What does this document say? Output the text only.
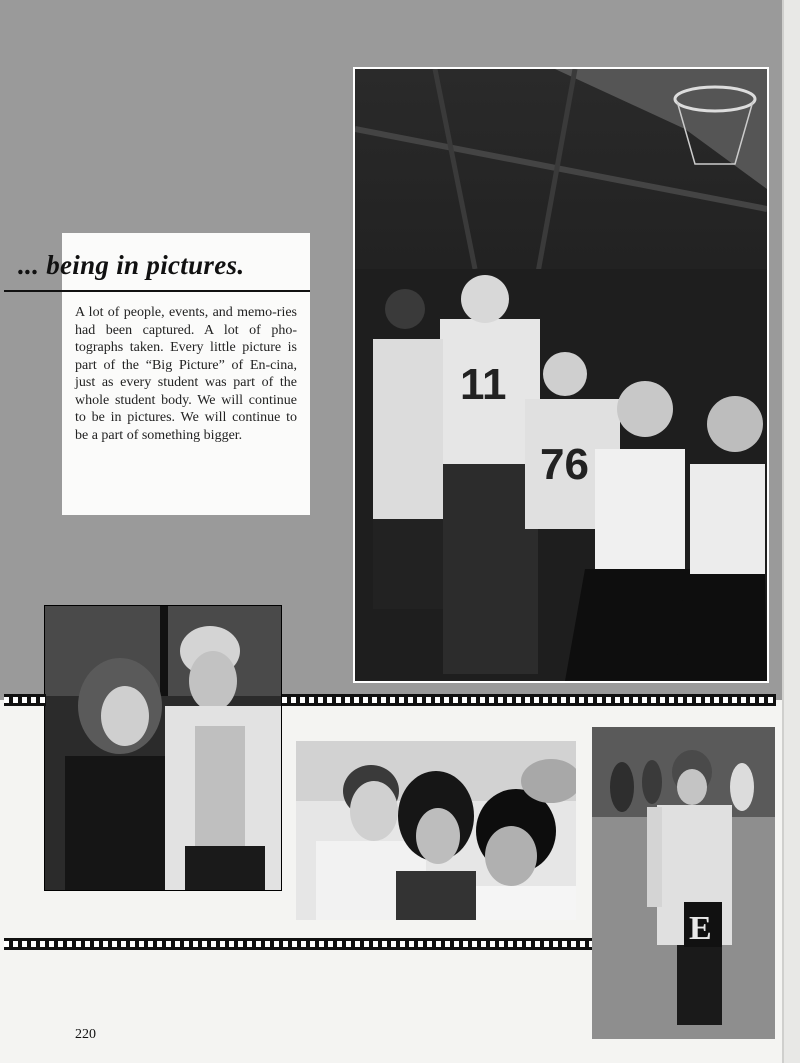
... being in pictures.
A lot of people, events, and memo-ries had been captured. A lot of pho-tographs taken. Every little picture is part of the “Big Picture” of En-cina, just as every student was part of the whole student body. We will continue to be in pictures. We will continue to be a part of something bigger.
11
76
E
220
